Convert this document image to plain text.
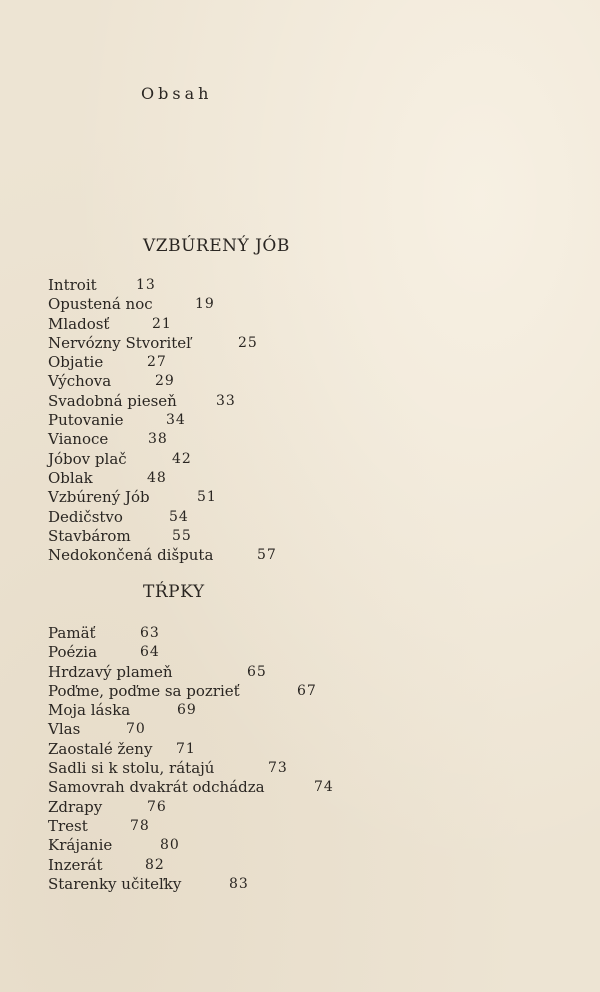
Obsah
VZBÚRENÝ JÓB
Introit	13
Opustená noc	19
Mladosť	21
Nervózny Stvoriteľ	25
Objatie	27
Výchova	29
Svadobná pieseň	33
Putovanie	34
Vianoce	38
Jóbov plač	42
Oblak	48
Vzbúrený Jób	51
Dedičstvo	54
Stavbárom	55
Nedokončená dišputa	57
TŔPKY
Pamäť	63
Poézia	64
Hrdzavý plameň	65
Poďme, poďme sa pozrieť	67
Moja láska	69
Vlas	70
Zaostalé ženy 71
Sadli si k stolu, rátajú	73
Samovrah dvakrát odchádza	74
Zdrapy	76
Trest	78
Krájanie	80
Inzerát	82
Starenky učiteľky	83
